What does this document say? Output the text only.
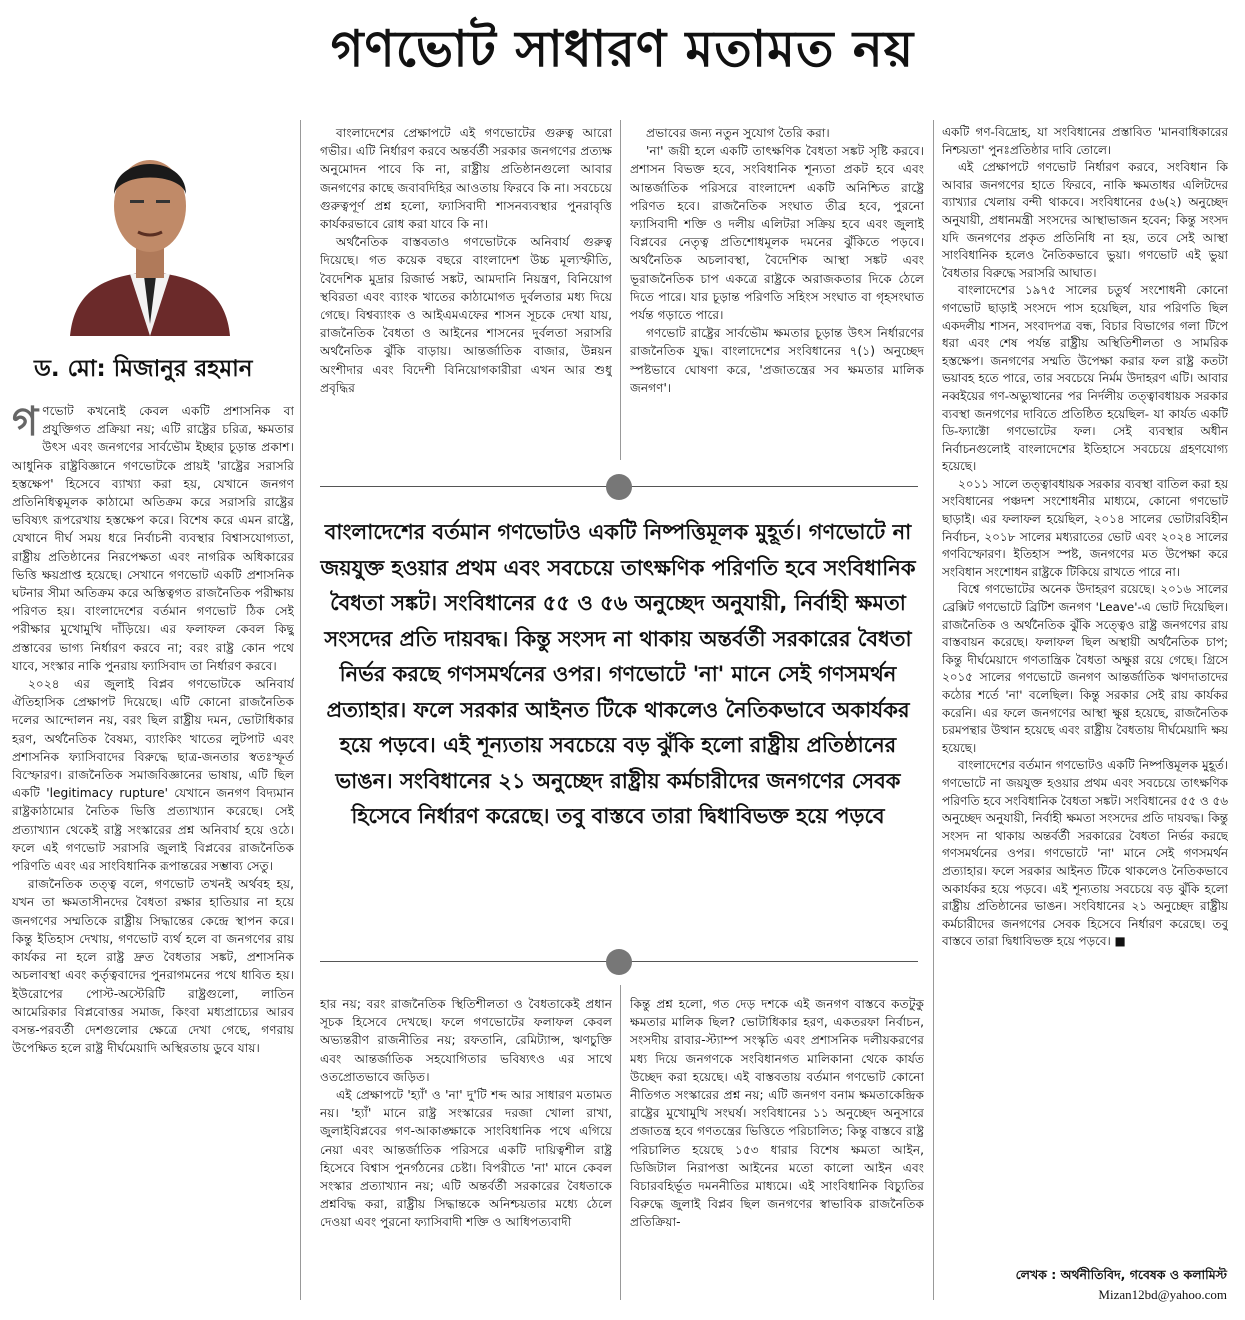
গণভোট সাধারণ মতামত নয়
ড. মো: মিজানুর রহমান
গ ণভোট কখনোই কেবল একটি প্রশাসনিক বা প্রযুক্তিগত প্রক্রিয়া নয়; এটি রাষ্ট্রের চরিত্র, ক্ষমতার উৎস এবং জনগণের সার্বভৌম ইচ্ছার চূড়ান্ত প্রকাশ। আধুনিক রাষ্ট্রবিজ্ঞানে গণভোটকে প্রায়ই 'রাষ্ট্রের সরাসরি হস্তক্ষেপ' হিসেবে ব্যাখ্যা করা হয়, যেখানে জনগণ প্রতিনিধিত্বমূলক কাঠামো অতিক্রম করে সরাসরি রাষ্ট্রের ভবিষ্যৎ রূপরেখায় হস্তক্ষেপ করে। বিশেষ করে এমন রাষ্ট্রে, যেখানে দীর্ঘ সময় ধরে নির্বাচনী ব্যবস্থার বিশ্বাসযোগ্যতা, রাষ্ট্রীয় প্রতিষ্ঠানের নিরপেক্ষতা এবং নাগরিক অধিকারের ভিত্তি ক্ষয়প্রাপ্ত হয়েছে। সেখানে গণভোট একটি প্রশাসনিক ঘটনার সীমা অতিক্রম করে অস্তিত্বগত রাজনৈতিক পরীক্ষায় পরিণত হয়। বাংলাদেশের বর্তমান গণভোট ঠিক সেই পরীক্ষার মুখোমুখি দাঁড়িয়ে। এর ফলাফল কেবল কিছু প্রস্তাবের ভাগ্য নির্ধারণ করবে না; বরং রাষ্ট্র কোন পথে যাবে, সংস্কার নাকি পুনরায় ফ্যাসিবাদ তা নির্ধারণ করবে।

২০২৪ এর জুলাই বিপ্লব গণভোটকে অনিবার্য ঐতিহাসিক প্রেক্ষাপট দিয়েছে। এটি কোনো রাজনৈতিক দলের আন্দোলন নয়, বরং ছিল রাষ্ট্রীয় দমন, ভোটাধিকার হরণ, অর্থনৈতিক বৈষম্য, ব্যাংকিং খাতের লুটপাট এবং প্রশাসনিক ফ্যাসিবাদের বিরুদ্ধে ছাত্র-জনতার স্বতঃস্ফূর্ত বিস্ফোরণ। রাজনৈতিক সমাজবিজ্ঞানের ভাষায়, এটি ছিল একটি 'legitimacy rupture' যেখানে জনগণ বিদ্যমান রাষ্ট্রকাঠামোর নৈতিক ভিত্তি প্রত্যাখ্যান করেছে। সেই প্রত্যাখ্যান থেকেই রাষ্ট্র সংস্কারের প্রশ্ন অনিবার্য হয়ে ওঠে। ফলে এই গণভোট সরাসরি জুলাই বিপ্লবের রাজনৈতিক পরিণতি এবং এর সাংবিধানিক রূপান্তরের সম্ভাব্য সেতু।

রাজনৈতিক তত্ত্ব বলে, গণভোট তখনই অর্থবহ হয়, যখন তা ক্ষমতাসীনদের বৈধতা রক্ষার হাতিয়ার না হয়ে জনগণের সম্মতিকে রাষ্ট্রীয় সিদ্ধান্তের কেন্দ্রে স্থাপন করে। কিন্তু ইতিহাস দেখায়, গণভোট ব্যর্থ হলে বা জনগণের রায় কার্যকর না হলে রাষ্ট্র দ্রুত বৈধতার সঙ্কট, প্রশাসনিক অচলাবস্থা এবং কর্তৃত্ববাদের পুনরাগমনের পথে ধাবিত হয়। ইউরোপের পোস্ট-অস্টেরিটি রাষ্ট্রগুলো, লাতিন আমেরিকার বিপ্লবোত্তর সমাজ, কিংবা মধ্যপ্রাচ্যের আরব বসন্ত-পরবর্তী দেশগুলোর ক্ষেত্রে দেখা গেছে, গণরায় উপেক্ষিত হলে রাষ্ট্র দীর্ঘমেয়াদি অস্থিরতায় ডুবে যায়।

বাংলাদেশের প্রেক্ষাপটে এই গণভোটের গুরুত্ব আরো গভীর। এটি নির্ধারণ করবে অন্তর্বর্তী সরকার জনগণের প্রত্যক্ষ অনুমোদন পাবে কি না, রাষ্ট্রীয় প্রতিষ্ঠানগুলো আবার জনগণের কাছে জবাবদিহির আওতায় ফিরবে কি না। সবচেয়ে গুরুত্বপূর্ণ প্রশ্ন হলো, ফ্যাসিবাদী শাসনব্যবস্থার পুনরাবৃত্তি কার্যকরভাবে রোধ করা যাবে কি না।

অর্থনৈতিক বাস্তবতাও গণভোটকে অনিবার্য গুরুত্ব দিয়েছে। গত কয়েক বছরে বাংলাদেশ উচ্চ মূল্যস্ফীতি, বৈদেশিক মুদ্রার রিজার্ভ সঙ্কট, আমদানি নিয়ন্ত্রণ, বিনিয়োগ স্থবিরতা এবং ব্যাংক খাতের কাঠামোগত দুর্বলতার মধ্য দিয়ে গেছে। বিশ্বব্যাংক ও আইএমএফের শাসন সূচকে দেখা যায়, রাজনৈতিক বৈধতা ও আইনের শাসনের দুর্বলতা সরাসরি অর্থনৈতিক ঝুঁকি বাড়ায়। আন্তর্জাতিক বাজার, উন্নয়ন অংশীদার এবং বিদেশী বিনিয়োগকারীরা এখন আর শুধু প্রবৃদ্ধির

প্রভাবের জন্য নতুন সুযোগ তৈরি করা।

'না' জয়ী হলে একটি তাৎক্ষণিক বৈধতা সঙ্কট সৃষ্টি করবে। প্রশাসন বিভক্ত হবে, সংবিধানিক শূন্যতা প্রকট হবে এবং আন্তর্জাতিক পরিসরে বাংলাদেশ একটি অনিশ্চিত রাষ্ট্রে পরিণত হবে। রাজনৈতিক সংঘাত তীব্র হবে, পুরনো ফ্যাসিবাদী শক্তি ও দলীয় এলিটরা সক্রিয় হবে এবং জুলাই বিপ্লবের নেতৃত্ব প্রতিশোধমূলক দমনের ঝুঁকিতে পড়বে। অর্থনৈতিক অচলাবস্থা, বৈদেশিক আস্থা সঙ্কট এবং ভূরাজনৈতিক চাপ একত্রে রাষ্ট্রকে অরাজকতার দিকে ঠেলে দিতে পারে। যার চূড়ান্ত পরিণতি সহিংস সংঘাত বা গৃহসংঘাত পর্যন্ত গড়াতে পারে।

গণভোট রাষ্ট্রের সার্বভৌম ক্ষমতার চূড়ান্ত উৎস নির্ধারণের রাজনৈতিক যুদ্ধ। বাংলাদেশের সংবিধানের ৭(১) অনুচ্ছেদ স্পষ্টভাবে ঘোষণা করে, 'প্রজাতন্ত্রের সব ক্ষমতার মালিক জনগণ'।

বাংলাদেশের বর্তমান গণভোটও একটি নিষ্পত্তিমূলক মুহূর্ত। গণভোটে না জয়যুক্ত হওয়ার প্রথম এবং সবচেয়ে তাৎক্ষণিক পরিণতি হবে সংবিধানিক বৈধতা সঙ্কট। সংবিধানের ৫৫ ও ৫৬ অনুচ্ছেদ অনুযায়ী, নির্বাহী ক্ষমতা সংসদের প্রতি দায়বদ্ধ। কিন্তু সংসদ না থাকায় অন্তর্বর্তী সরকারের বৈধতা নির্ভর করছে গণসমর্থনের ওপর। গণভোটে 'না' মানে সেই গণসমর্থন প্রত্যাহার। ফলে সরকার আইনত টিকে থাকলেও নৈতিকভাবে অকার্যকর হয়ে পড়বে। এই শূন্যতায় সবচেয়ে বড় ঝুঁকি হলো রাষ্ট্রীয় প্রতিষ্ঠানের ভাঙন। সংবিধানের ২১ অনুচ্ছেদ রাষ্ট্রীয় কর্মচারীদের জনগণের সেবক হিসেবে নির্ধারণ করেছে। তবু বাস্তবে তারা দ্বিধাবিভক্ত হয়ে পড়বে

হার নয়; বরং রাজনৈতিক স্থিতিশীলতা ও বৈধতাকেই প্রধান সূচক হিসেবে দেখছে। ফলে গণভোটের ফলাফল কেবল অভ্যন্তরীণ রাজনীতির নয়; রফতানি, রেমিট্যান্স, ঋণচুক্তি এবং আন্তর্জাতিক সহযোগিতার ভবিষ্যৎও এর সাথে ওতপ্রোতভাবে জড়িত।

এই প্রেক্ষাপটে 'হ্যাঁ' ও 'না' দু'টি শব্দ আর সাধারণ মতামত নয়। 'হ্যাঁ' মানে রাষ্ট্র সংস্কারের দরজা খোলা রাখা, জুলাইবিপ্লবের গণ-আকাঙ্ক্ষাকে সাংবিধানিক পথে এগিয়ে নেয়া এবং আন্তর্জাতিক পরিসরে একটি দায়িত্বশীল রাষ্ট্র হিসেবে বিশ্বাস পুনর্গঠনের চেষ্টা। বিপরীতে 'না' মানে কেবল সংস্কার প্রত্যাখ্যান নয়; এটি অন্তর্বর্তী সরকারের বৈধতাকে প্রশ্নবিদ্ধ করা, রাষ্ট্রীয় সিদ্ধান্তকে অনিশ্চয়তার মধ্যে ঠেলে দেওয়া এবং পুরনো ফ্যাসিবাদী শক্তি ও আধিপত্যবাদী

কিন্তু প্রশ্ন হলো, গত দেড় দশকে এই জনগণ বাস্তবে কতটুকু ক্ষমতার মালিক ছিল? ভোটাধিকার হরণ, একতরফা নির্বাচন, সংসদীয় রাবার-স্ট্যাম্প সংস্কৃতি এবং প্রশাসনিক দলীয়করণের মধ্য দিয়ে জনগণকে সংবিধানগত মালিকানা থেকে কার্যত উচ্ছেদ করা হয়েছে। এই বাস্তবতায় বর্তমান গণভোট কোনো নীতিগত সংস্কারের প্রশ্ন নয়; এটি জনগণ বনাম ক্ষমতাকেন্দ্রিক রাষ্ট্রের মুখোমুখি সংঘর্ষ। সংবিধানের ১১ অনুচ্ছেদ অনুসারে প্রজাতন্ত্র হবে গণতন্ত্রের ভিত্তিতে পরিচালিত; কিন্তু বাস্তবে রাষ্ট্র পরিচালিত হয়েছে ১৫৩ ধারার বিশেষ ক্ষমতা আইন, ডিজিটাল নিরাপত্তা আইনের মতো কালো আইন এবং বিচারবহির্ভূত দমননীতির মাধ্যমে। এই সাংবিধানিক বিচ্যুতির বিরুদ্ধে জুলাই বিপ্লব ছিল জনগণের স্বাভাবিক রাজনৈতিক প্রতিক্রিয়া-

একটি গণ-বিদ্রোহ, যা সংবিধানের প্রস্তাবিত 'মানবাধিকারের নিশ্চয়তা' পুনঃপ্রতিষ্ঠার দাবি তোলে।

এই প্রেক্ষাপটে গণভোট নির্ধারণ করবে, সংবিধান কি আবার জনগণের হাতে ফিরবে, নাকি ক্ষমতাধর এলিটদের ব্যাখ্যার খেলায় বন্দী থাকবে। সংবিধানের ৫৬(২) অনুচ্ছেদ অনুযায়ী, প্রধানমন্ত্রী সংসদের আস্থাভাজন হবেন; কিন্তু সংসদ যদি জনগণের প্রকৃত প্রতিনিধি না হয়, তবে সেই আস্থা সাংবিধানিক হলেও নৈতিকভাবে ভুয়া। গণভোট এই ভুয়া বৈধতার বিরুদ্ধে সরাসরি আঘাত।

বাংলাদেশের ১৯৭৫ সালের চতুর্থ সংশোধনী কোনো গণভোট ছাড়াই সংসদে পাস হয়েছিল, যার পরিণতি ছিল একদলীয় শাসন, সংবাদপত্র বন্ধ, বিচার বিভাগের গলা টিপে ধরা এবং শেষ পর্যন্ত রাষ্ট্রীয় অস্থিতিশীলতা ও সামরিক হস্তক্ষেপ। জনগণের সম্মতি উপেক্ষা করার ফল রাষ্ট্র কতটা ভয়াবহ হতে পারে, তার সবচেয়ে নির্মম উদাহরণ এটি। আবার নব্বইয়ের গণ-অভ্যুত্থানের পর নির্দলীয় তত্ত্বাবধায়ক সরকার ব্যবস্থা জনগণের দাবিতে প্রতিষ্ঠিত হয়েছিল- যা কার্যত একটি ডি-ফ্যাক্টো গণভোটের ফল। সেই ব্যবস্থার অধীন নির্বাচনগুলোই বাংলাদেশের ইতিহাসে সবচেয়ে গ্রহণযোগ্য হয়েছে।

২০১১ সালে তত্ত্বাবধায়ক সরকার ব্যবস্থা বাতিল করা হয় সংবিধানের পঞ্চদশ সংশোধনীর মাধ্যমে, কোনো গণভোট ছাড়াই। এর ফলাফল হয়েছিল, ২০১৪ সালের ভোটারবিহীন নির্বাচন, ২০১৮ সালের মধ্যরাতের ভোট এবং ২০২৪ সালের গণবিস্ফোরণ। ইতিহাস স্পষ্ট, জনগণের মত উপেক্ষা করে সংবিধান সংশোধন রাষ্ট্রকে টিকিয়ে রাখতে পারে না।

বিশ্বে গণভোটের অনেক উদাহরণ রয়েছে। ২০১৬ সালের ব্রেক্সিট গণভোটে ব্রিটিশ জনগণ 'Leave'-এ ভোট দিয়েছিল। রাজনৈতিক ও অর্থনৈতিক ঝুঁকি সত্ত্বেও রাষ্ট্র জনগণের রায় বাস্তবায়ন করেছে। ফলাফল ছিল অস্থায়ী অর্থনৈতিক চাপ; কিন্তু দীর্ঘমেয়াদে গণতান্ত্রিক বৈধতা অক্ষুণ্ণ রয়ে গেছে। গ্রিসে ২০১৫ সালের গণভোটে জনগণ আন্তর্জাতিক ঋণদাতাদের কঠোর শর্তে 'না' বলেছিল। কিন্তু সরকার সেই রায় কার্যকর করেনি। এর ফলে জনগণের আস্থা ক্ষুণ্ণ হয়েছে, রাজনৈতিক চরমপন্থার উত্থান হয়েছে এবং রাষ্ট্রীয় বৈধতায় দীর্ঘমেয়াদি ক্ষয় হয়েছে।

বাংলাদেশের বর্তমান গণভোটও একটি নিষ্পত্তিমূলক মুহূর্ত। গণভোটে না জয়যুক্ত হওয়ার প্রথম এবং সবচেয়ে তাৎক্ষণিক পরিণতি হবে সংবিধানিক বৈধতা সঙ্কট। সংবিধানের ৫৫ ও ৫৬ অনুচ্ছেদ অনুযায়ী, নির্বাহী ক্ষমতা সংসদের প্রতি দায়বদ্ধ। কিন্তু সংসদ না থাকায় অন্তর্বর্তী সরকারের বৈধতা নির্ভর করছে গণসমর্থনের ওপর। গণভোটে 'না' মানে সেই গণসমর্থন প্রত্যাহার। ফলে সরকার আইনত টিকে থাকলেও নৈতিকভাবে অকার্যকর হয়ে পড়বে। এই শূন্যতায় সবচেয়ে বড় ঝুঁকি হলো রাষ্ট্রীয় প্রতিষ্ঠানের ভাঙন। সংবিধানের ২১ অনুচ্ছেদ রাষ্ট্রীয় কর্মচারীদের জনগণের সেবক হিসেবে নির্ধারণ করেছে। তবু বাস্তবে তারা দ্বিধাবিভক্ত হয়ে পড়বে। ■

লেখক : অর্থনীতিবিদ, গবেষক ও কলামিস্ট
Mizan12bd@yahoo.com
